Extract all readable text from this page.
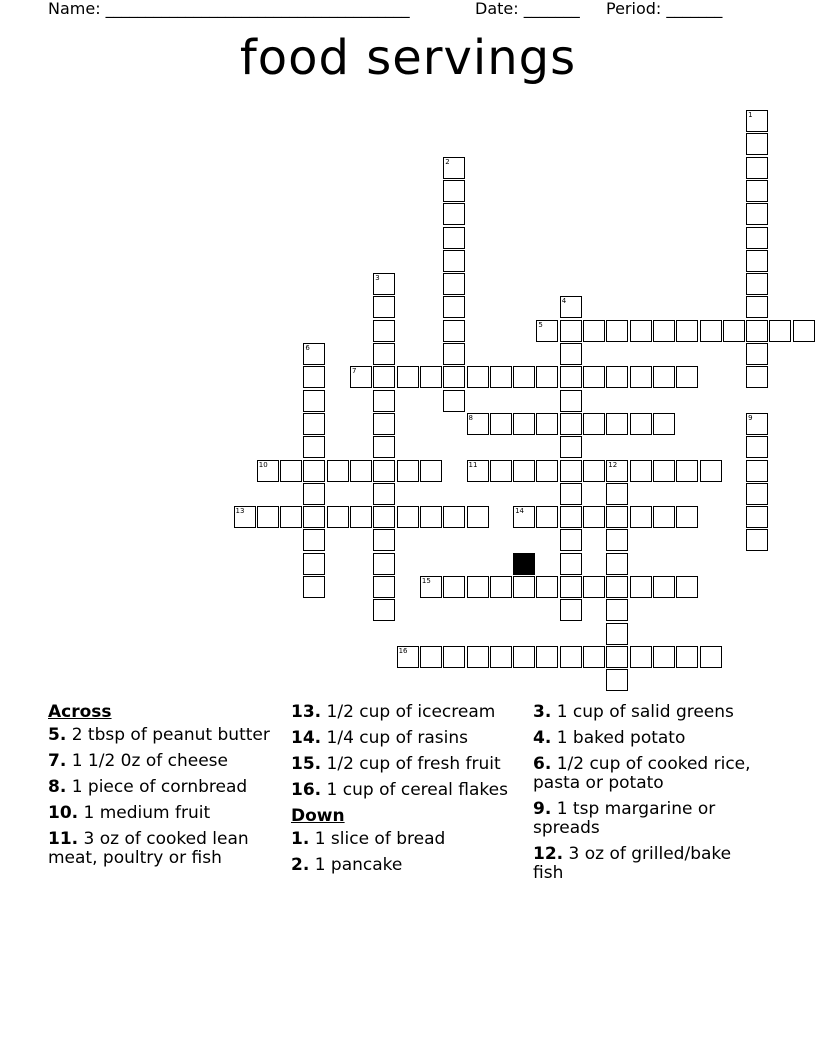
Name: ______________________________________	Date: _______ Period: _______
food servings
1
2
3
4
5
6
7
8	9
10	11	12
13	14
15
16
Across
5. 2 tbsp of peanut butter
7. 1 1/2 0z of cheese
8. 1 piece of cornbread
10. 1 medium fruit
11. 3 oz of cooked lean meat, poultry or fish
13. 1/2 cup of icecream
14. 1/4 cup of rasins
15. 1/2 cup of fresh fruit
16. 1 cup of cereal flakes
Down
1. 1 slice of bread
2. 1 pancake
3. 1 cup of salid greens
4. 1 baked potato
6. 1/2 cup of cooked rice, pasta or potato
9. 1 tsp margarine or spreads
12. 3 oz of grilled/bake fish
